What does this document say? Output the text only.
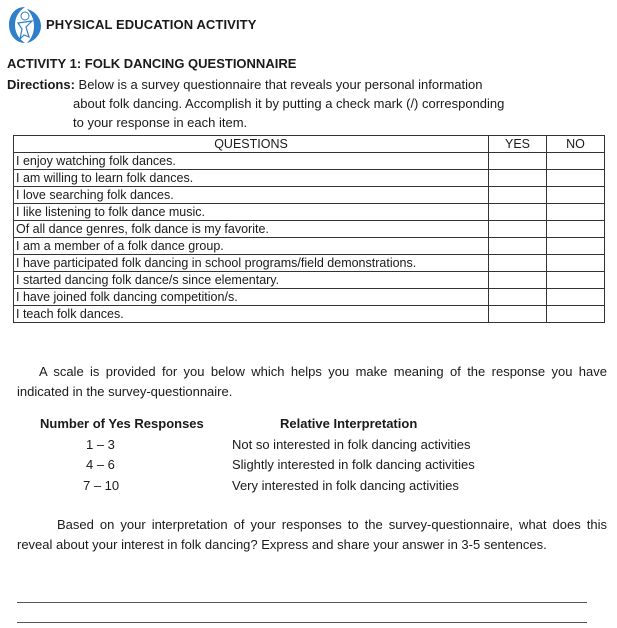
PHYSICAL EDUCATION ACTIVITY
ACTIVITY 1: FOLK DANCING QUESTIONNAIRE
Directions: Below is a survey questionnaire that reveals your personal information
about folk dancing. Accomplish it by putting a check mark (/) corresponding
to your response in each item.
QUESTIONS	YES	NO
I enjoy watching folk dances.		
I am willing to learn folk dances.		
I love searching folk dances.		
I like listening to folk dance music.		
Of all dance genres, folk dance is my favorite.		
I am a member of a folk dance group.		
I have participated folk dancing in school programs/field demonstrations.		
I started dancing folk dance/s since elementary.		
I have joined folk dancing competition/s.		
I teach folk dances.		
A scale is provided for you below which helps you make meaning of the response you have indicated in the survey-questionnaire.
Number of Yes Responses	Relative Interpretation
1 – 3	Not so interested in folk dancing activities
4 – 6	Slightly interested in folk dancing activities
7 – 10	Very interested in folk dancing activities
Based on your interpretation of your responses to the survey-questionnaire, what does this reveal about your interest in folk dancing? Express and share your answer in 3-5 sentences.
